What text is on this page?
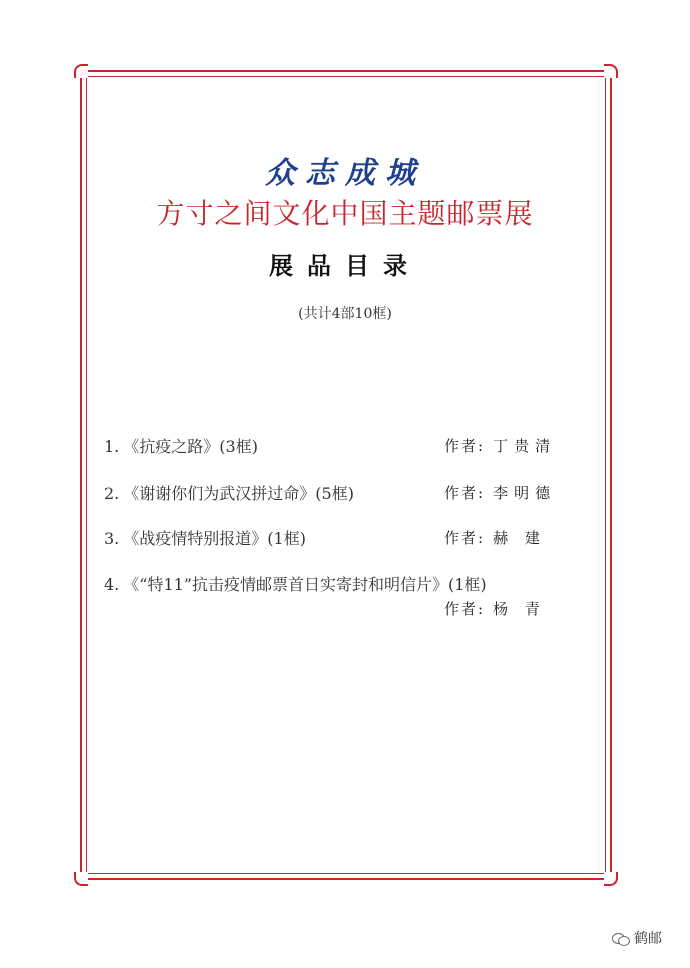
众志成城
方寸之间文化中国主题邮票展
展品目录
(共计4部10框)
1. 《抗疫之路》(3框)	作者: 丁贵清
2. 《谢谢你们为武汉拼过命》(5框)	作者: 李明德
3. 《战疫情特别报道》(1框)	作者: 赫 建
4. 《“特11”抗击疫情邮票首日实寄封和明信片》(1框)
作者: 杨 青
鹤邮
